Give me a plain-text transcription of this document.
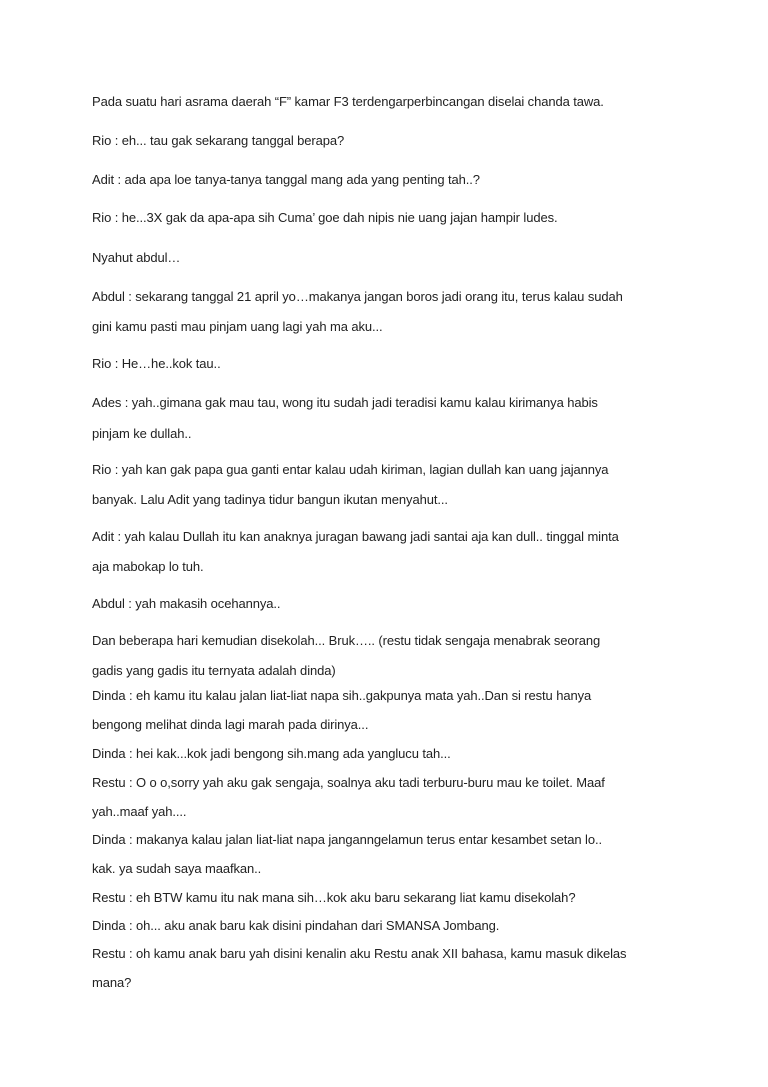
Pada suatu hari asrama daerah “F” kamar F3 terdengarperbincangan diselai chanda tawa.
Rio : eh... tau gak sekarang tanggal berapa?
Adit : ada apa loe tanya-tanya tanggal mang ada yang penting tah..?
Rio : he...3X gak da apa-apa sih Cuma’ goe dah nipis nie uang jajan hampir ludes.
Nyahut abdul…
Abdul : sekarang tanggal 21 april yo…makanya jangan boros jadi orang itu, terus kalau sudah
gini kamu pasti mau pinjam uang lagi yah ma aku...
Rio : He…he..kok tau..
Ades : yah..gimana gak mau tau, wong itu sudah jadi teradisi kamu kalau kirimanya habis
pinjam ke dullah..
Rio : yah kan gak papa gua ganti entar kalau udah kiriman, lagian dullah kan uang jajannya
banyak. Lalu Adit yang tadinya tidur bangun ikutan menyahut...
Adit : yah kalau Dullah itu kan anaknya juragan bawang jadi santai aja kan dull.. tinggal minta
aja mabokap lo tuh.
Abdul : yah makasih ocehannya..
Dan beberapa hari kemudian disekolah... Bruk….. (restu tidak sengaja menabrak seorang
gadis yang gadis itu ternyata adalah dinda)
Dinda : eh kamu itu kalau jalan liat-liat napa sih..gakpunya mata yah..Dan si restu hanya
bengong melihat dinda lagi marah pada dirinya...
Dinda : hei kak...kok jadi bengong sih.mang ada yanglucu tah...
Restu : O o o,sorry yah aku gak sengaja, soalnya aku tadi terburu-buru mau ke toilet. Maaf
yah..maaf yah....
Dinda : makanya kalau jalan liat-liat napa janganngelamun terus entar kesambet setan lo..
kak. ya sudah saya maafkan..
Restu : eh BTW kamu itu nak mana sih…kok aku baru sekarang liat kamu disekolah?
Dinda : oh... aku anak baru kak disini pindahan dari SMANSA Jombang.
Restu : oh kamu anak baru yah disini kenalin aku Restu anak XII bahasa, kamu masuk dikelas
mana?
